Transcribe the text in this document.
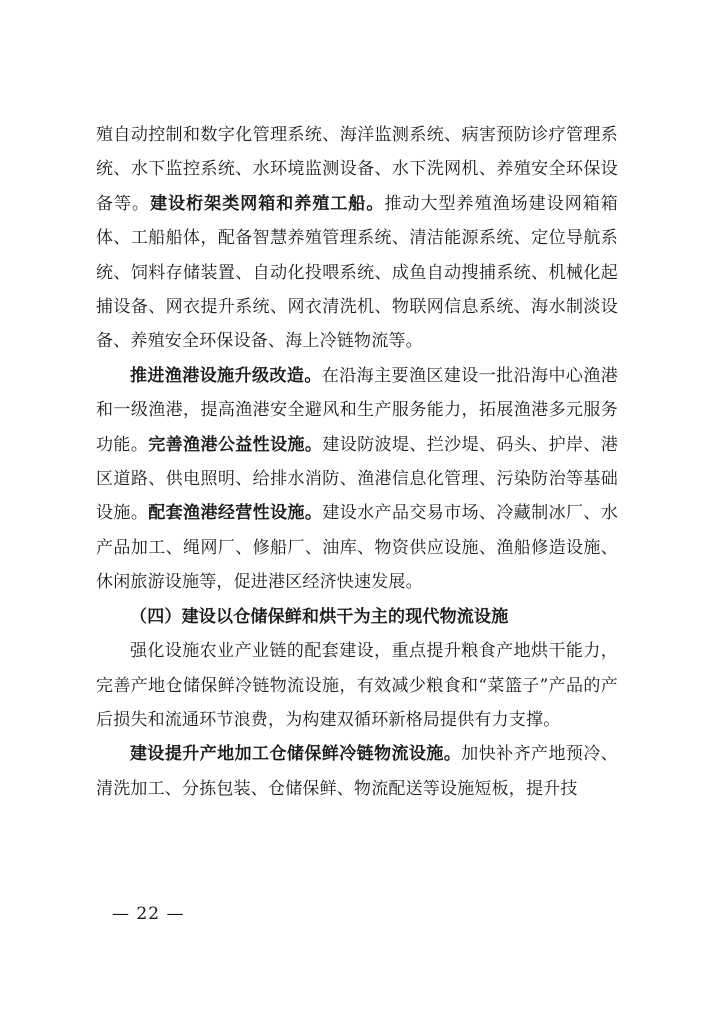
殖自动控制和数字化管理系统、海洋监测系统、病害预防诊疗管理系统、水下监控系统、水环境监测设备、水下洗网机、养殖安全环保设备等。建设桁架类网箱和养殖工船。推动大型养殖渔场建设网箱箱体、工船船体，配备智慧养殖管理系统、清洁能源系统、定位导航系统、饲料存储装置、自动化投喂系统、成鱼自动搜捕系统、机械化起捕设备、网衣提升系统、网衣清洗机、物联网信息系统、海水制淡设备、养殖安全环保设备、海上冷链物流等。

推进渔港设施升级改造。在沿海主要渔区建设一批沿海中心渔港和一级渔港，提高渔港安全避风和生产服务能力，拓展渔港多元服务功能。完善渔港公益性设施。建设防波堤、拦沙堤、码头、护岸、港区道路、供电照明、给排水消防、渔港信息化管理、污染防治等基础设施。配套渔港经营性设施。建设水产品交易市场、冷藏制冰厂、水产品加工、绳网厂、修船厂、油库、物资供应设施、渔船修造设施、休闲旅游设施等，促进港区经济快速发展。

（四）建设以仓储保鲜和烘干为主的现代物流设施

强化设施农业产业链的配套建设，重点提升粮食产地烘干能力，完善产地仓储保鲜冷链物流设施，有效减少粮食和“菜篮子”产品的产后损失和流通环节浪费，为构建双循环新格局提供有力支撑。

建设提升产地加工仓储保鲜冷链物流设施。加快补齐产地预冷、清洗加工、分拣包装、仓储保鲜、物流配送等设施短板，提升技

— 22 —
